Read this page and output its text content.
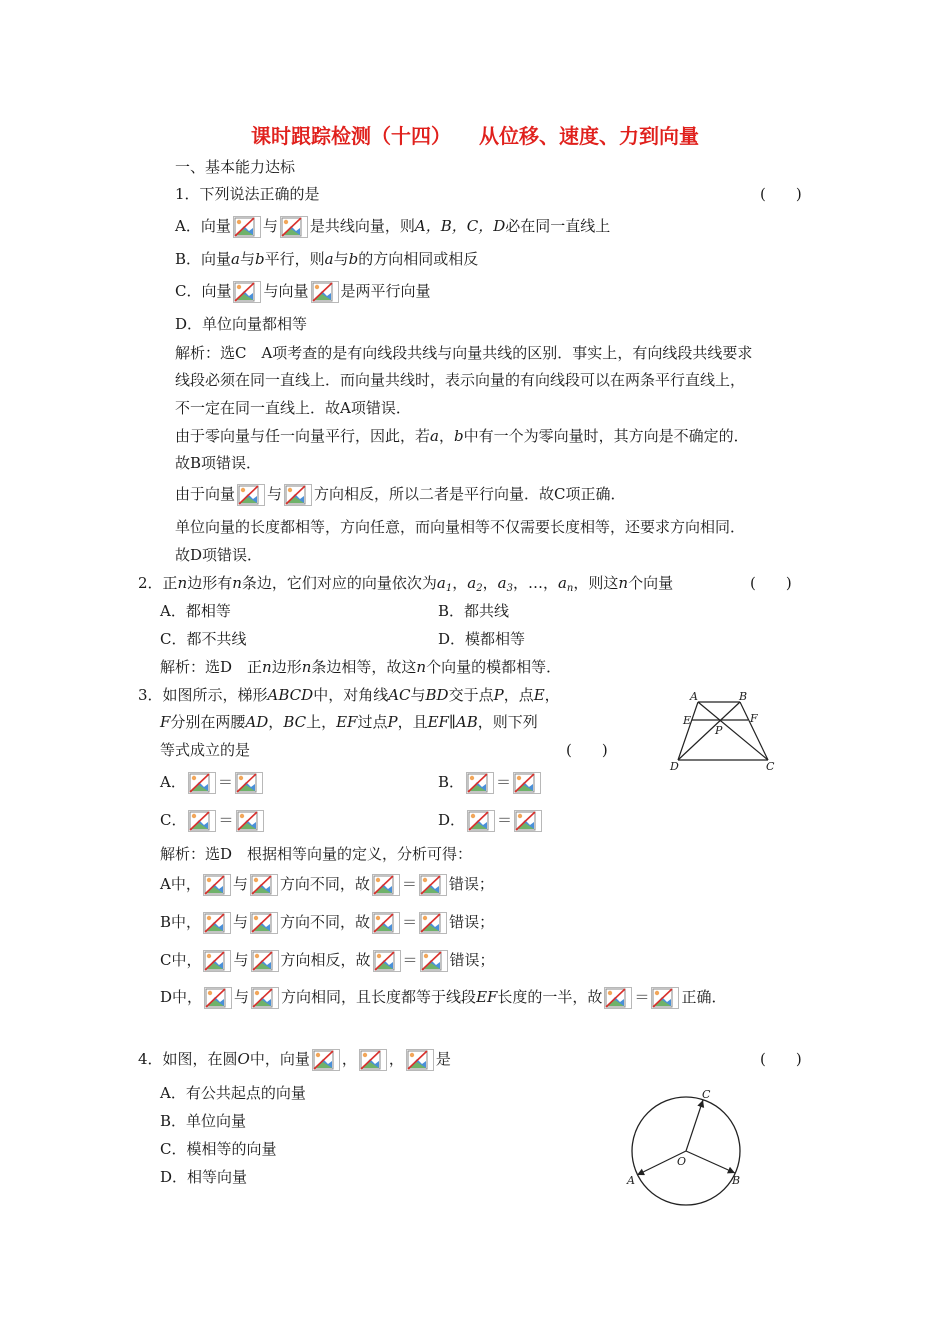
课时跟踪检测（十四） 从位移、速度、力到向量
一、基本能力达标
1．下列说法正确的是	(　　)
A．向量 与 是共线向量，则A，B，C，D必在同一直线上
B．向量a与b平行，则a与b的方向相同或相反
C．向量 与向量 是两平行向量
D．单位向量都相等
解析：选C　A项考查的是有向线段共线与向量共线的区别．事实上，有向线段共线要求
线段必须在同一直线上．而向量共线时，表示向量的有向线段可以在两条平行直线上，
不一定在同一直线上．故A项错误．
由于零向量与任一向量平行，因此，若a，b中有一个为零向量时，其方向是不确定的．
故B项错误．
由于向量 与 方向相反，所以二者是平行向量．故C项正确．
单位向量的长度都相等，方向任意，而向量相等不仅需要长度相等，还要求方向相同．
故D项错误．
2．正n边形有n条边，它们对应的向量依次为$a_1$，$a_2$，$a_3$，…，$a_n$，则这n个向量	(　　)
A．都相等	B．都共线
C．都不共线	D．模都相等
解析：选D　正n边形n条边相等，故这n个向量的模都相等．
3．如图所示，梯形ABCD中，对角线AC与BD交于点P，点E，
F分别在两腰AD，BC上，EF过点P，且EF∥AB，则下列
等式成立的是	(　　)
A． ＝	B． ＝
C． ＝	D． ＝
解析：选D　根据相等向量的定义，分析可得：
A中， 与 方向不同，故 ＝ 错误；
B中， 与 方向不同，故 ＝ 错误；
C中， 与 方向相反，故 ＝ 错误；
D中， 与 方向相同，且长度都等于线段EF长度的一半，故 ＝ 正确．
A	B
E	F
P
D	C
4．如图，在圆O中，向量 ， ， 是	(　　)
A．有公共起点的向量
B．单位向量
C．模相等的向量
D．相等向量
O
C
B
A
